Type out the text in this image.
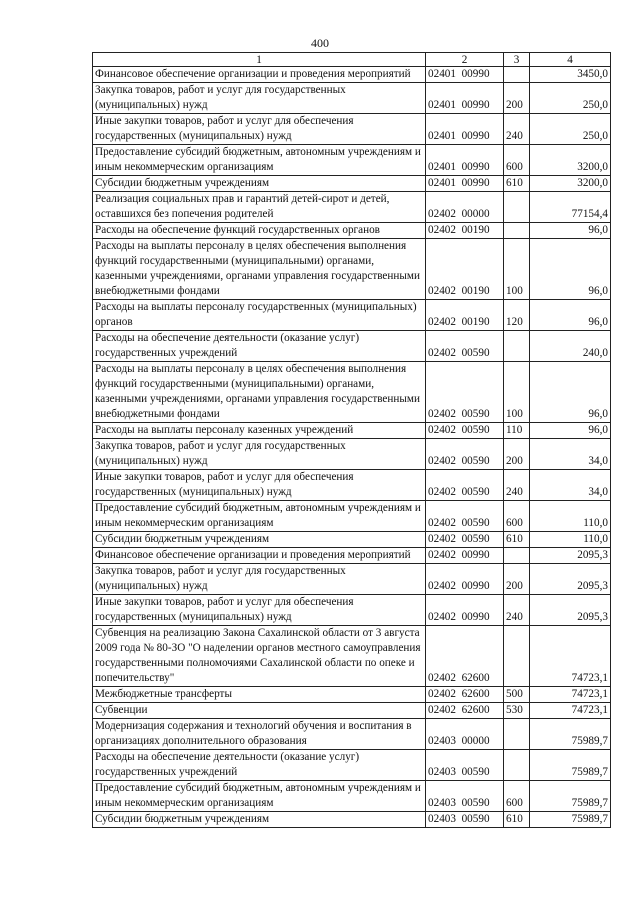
400
1	2	3	4
Финансовое обеспечение организации и проведения мероприятий	02401  00990		3450,0
Закупка товаров, работ и услуг для государственных (муниципальных) нужд	02401  00990	200	250,0
Иные закупки товаров, работ и услуг для обеспечения государственных (муниципальных) нужд	02401  00990	240	250,0
Предоставление субсидий бюджетным, автономным учреждениям и иным некоммерческим организациям	02401  00990	600	3200,0
Субсидии бюджетным учреждениям	02401  00990	610	3200,0
Реализация социальных прав и гарантий детей-сирот и детей, оставшихся без попечения родителей	02402  00000		77154,4
Расходы на обеспечение функций государственных органов	02402  00190		96,0
Расходы на выплаты персоналу в целях обеспечения выполнения функций государственными (муниципальными) органами, казенными учреждениями, органами управления государственными внебюджетными фондами	02402  00190	100	96,0
Расходы на выплаты персоналу государственных (муниципальных) органов	02402  00190	120	96,0
Расходы на обеспечение деятельности (оказание услуг) государственных учреждений	02402  00590		240,0
Расходы на выплаты персоналу в целях обеспечения выполнения функций государственными (муниципальными) органами, казенными учреждениями, органами управления государственными внебюджетными фондами	02402  00590	100	96,0
Расходы на выплаты персоналу казенных учреждений	02402  00590	110	96,0
Закупка товаров, работ и услуг для государственных (муниципальных) нужд	02402  00590	200	34,0
Иные закупки товаров, работ и услуг для обеспечения государственных (муниципальных) нужд	02402  00590	240	34,0
Предоставление субсидий бюджетным, автономным учреждениям и иным некоммерческим организациям	02402  00590	600	110,0
Субсидии бюджетным учреждениям	02402  00590	610	110,0
Финансовое обеспечение организации и проведения мероприятий	02402  00990		2095,3
Закупка товаров, работ и услуг для государственных (муниципальных) нужд	02402  00990	200	2095,3
Иные закупки товаров, работ и услуг для обеспечения государственных (муниципальных) нужд	02402  00990	240	2095,3
Субвенция на реализацию Закона Сахалинской области от 3 августа 2009 года № 80-ЗО "О наделении органов местного самоуправления государственными полномочиями Сахалинской области по опеке и попечительству"	02402  62600		74723,1
Межбюджетные трансферты	02402  62600	500	74723,1
Субвенции	02402  62600	530	74723,1
Модернизация содержания и технологий обучения и воспитания в организациях дополнительного образования	02403  00000		75989,7
Расходы на обеспечение деятельности (оказание услуг) государственных учреждений	02403  00590		75989,7
Предоставление субсидий бюджетным, автономным учреждениям и иным некоммерческим организациям	02403  00590	600	75989,7
Субсидии бюджетным учреждениям	02403  00590	610	75989,7
